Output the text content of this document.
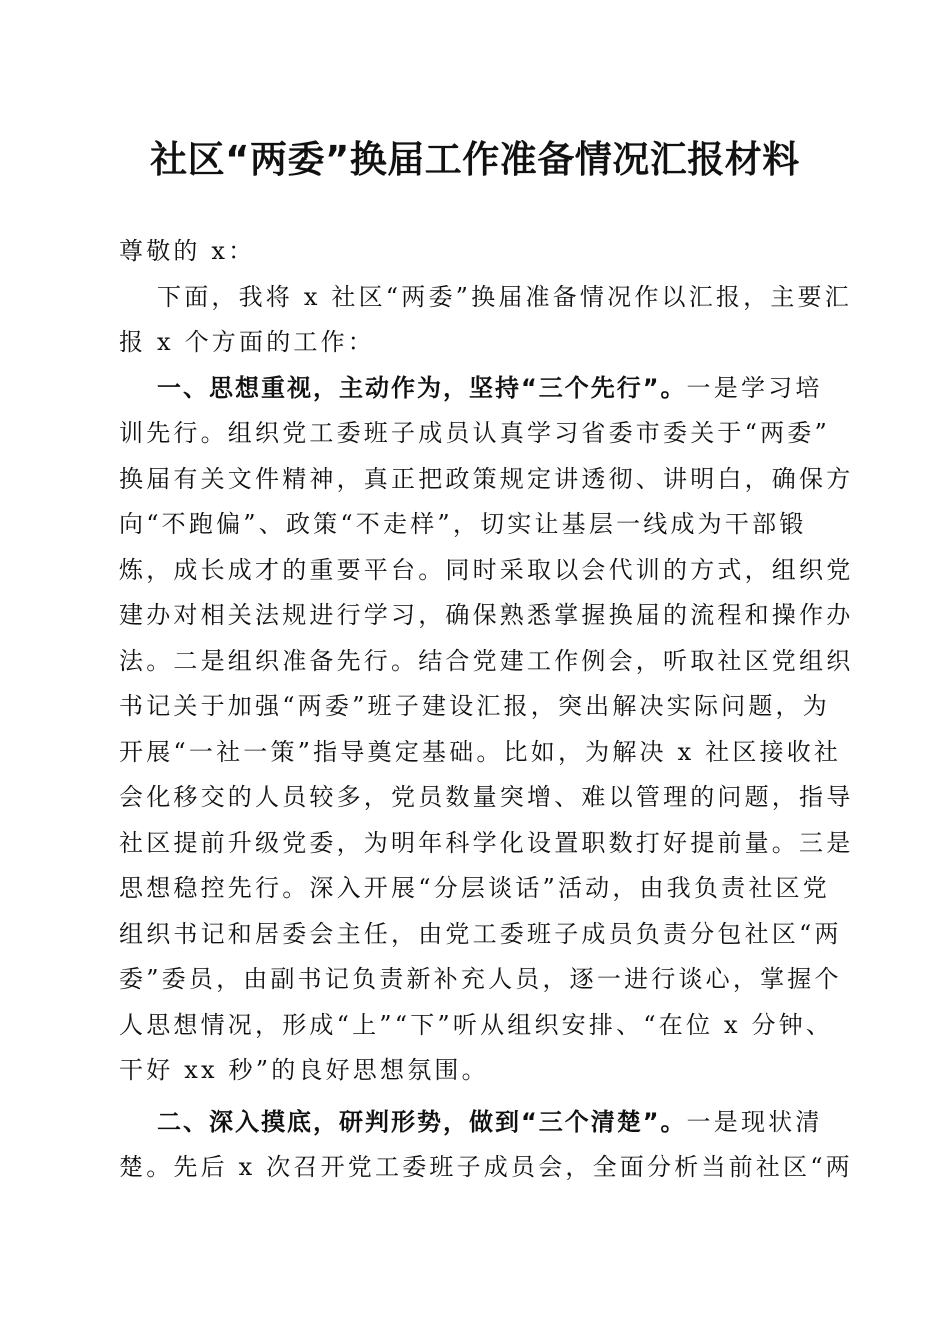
社区“两委”换届工作准备情况汇报材料
尊敬的 x：
下面，我将 x 社区“两委”换届准备情况作以汇报，主要汇
报 x 个方面的工作：
一、思想重视，主动作为，坚持“三个先行”。一是学习培
训先行。组织党工委班子成员认真学习省委市委关于“两委”
换届有关文件精神，真正把政策规定讲透彻、讲明白，确保方
向“不跑偏”、政策“不走样”，切实让基层一线成为干部锻
炼，成长成才的重要平台。同时采取以会代训的方式，组织党
建办对相关法规进行学习，确保熟悉掌握换届的流程和操作办
法。二是组织准备先行。结合党建工作例会，听取社区党组织
书记关于加强“两委”班子建设汇报，突出解决实际问题，为
开展“一社一策”指导奠定基础。比如，为解决 x 社区接收社
会化移交的人员较多，党员数量突增、难以管理的问题，指导
社区提前升级党委，为明年科学化设置职数打好提前量。三是
思想稳控先行。深入开展“分层谈话”活动，由我负责社区党
组织书记和居委会主任，由党工委班子成员负责分包社区“两
委”委员，由副书记负责新补充人员，逐一进行谈心，掌握个
人思想情况，形成“上”“下”听从组织安排、“在位 x 分钟、
干好 xx 秒”的良好思想氛围。
二、深入摸底，研判形势，做到“三个清楚”。一是现状清
楚。先后 x 次召开党工委班子成员会，全面分析当前社区“两
